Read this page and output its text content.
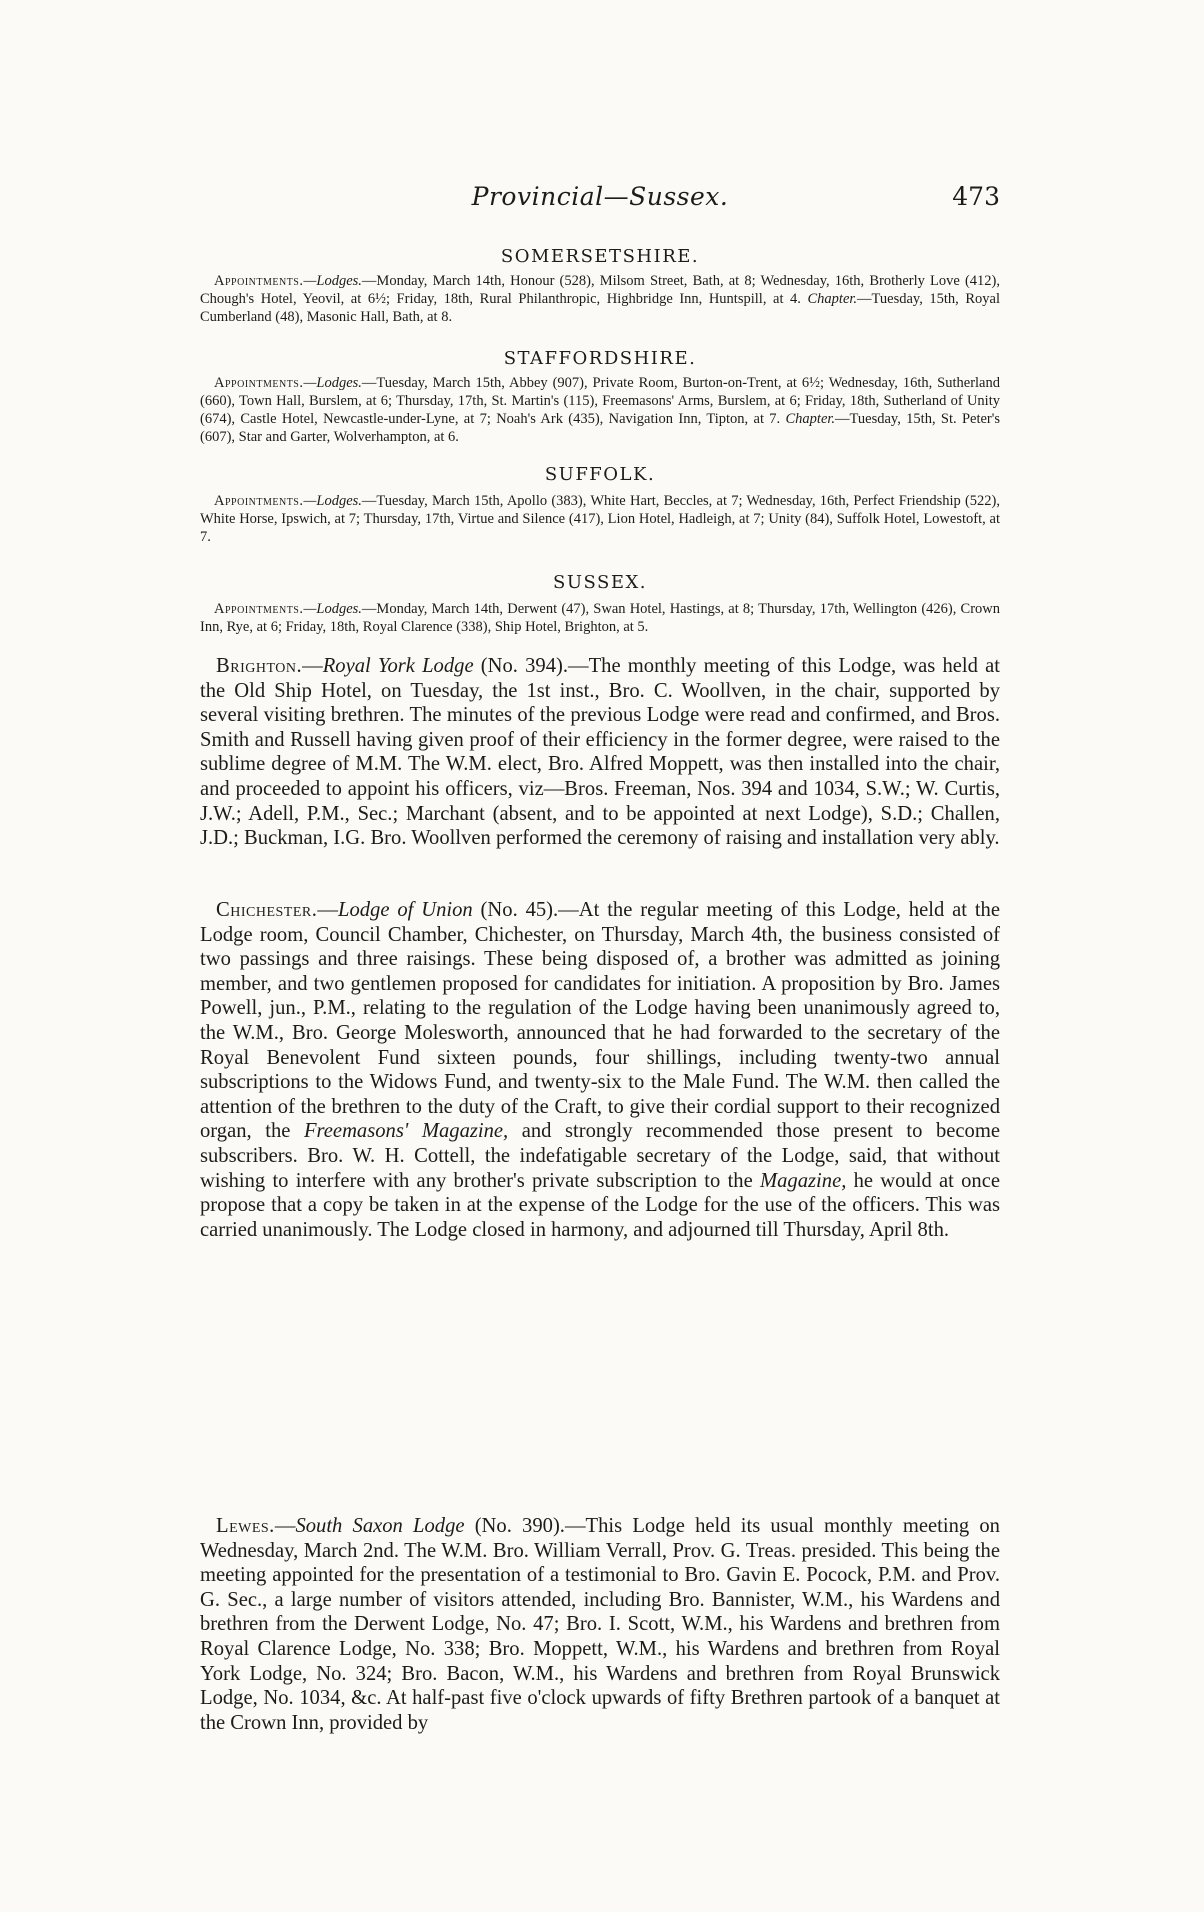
Provincial—Sussex.	473
SOMERSETSHIRE.
Appointments.—Lodges.—Monday, March 14th, Honour (528), Milsom Street, Bath, at 8; Wednesday, 16th, Brotherly Love (412), Chough's Hotel, Yeovil, at 6½; Friday, 18th, Rural Philanthropic, Highbridge Inn, Huntspill, at 4. Chapter.—Tuesday, 15th, Royal Cumberland (48), Masonic Hall, Bath, at 8.
STAFFORDSHIRE.
Appointments.—Lodges.—Tuesday, March 15th, Abbey (907), Private Room, Burton-on-Trent, at 6½; Wednesday, 16th, Sutherland (660), Town Hall, Burslem, at 6; Thursday, 17th, St. Martin's (115), Freemasons' Arms, Burslem, at 6; Friday, 18th, Sutherland of Unity (674), Castle Hotel, Newcastle-under-Lyne, at 7; Noah's Ark (435), Navigation Inn, Tipton, at 7. Chapter.—Tuesday, 15th, St. Peter's (607), Star and Garter, Wolverhampton, at 6.
SUFFOLK.
Appointments.—Lodges.—Tuesday, March 15th, Apollo (383), White Hart, Beccles, at 7; Wednesday, 16th, Perfect Friendship (522), White Horse, Ipswich, at 7; Thursday, 17th, Virtue and Silence (417), Lion Hotel, Hadleigh, at 7; Unity (84), Suffolk Hotel, Lowestoft, at 7.
SUSSEX.
Appointments.—Lodges.—Monday, March 14th, Derwent (47), Swan Hotel, Hastings, at 8; Thursday, 17th, Wellington (426), Crown Inn, Rye, at 6; Friday, 18th, Royal Clarence (338), Ship Hotel, Brighton, at 5.
Brighton.—Royal York Lodge (No. 394).—The monthly meeting of this Lodge, was held at the Old Ship Hotel, on Tuesday, the 1st inst., Bro. C. Woollven, in the chair, supported by several visiting brethren. The minutes of the previous Lodge were read and confirmed, and Bros. Smith and Russell having given proof of their efficiency in the former degree, were raised to the sublime degree of M.M. The W.M. elect, Bro. Alfred Moppett, was then installed into the chair, and proceeded to appoint his officers, viz—Bros. Freeman, Nos. 394 and 1034, S.W.; W. Curtis, J.W.; Adell, P.M., Sec.; Marchant (absent, and to be appointed at next Lodge), S.D.; Challen, J.D.; Buckman, I.G. Bro. Woollven performed the ceremony of raising and installation very ably.
Chichester.—Lodge of Union (No. 45).—At the regular meeting of this Lodge, held at the Lodge room, Council Chamber, Chichester, on Thursday, March 4th, the business consisted of two passings and three raisings. These being disposed of, a brother was admitted as joining member, and two gentlemen proposed for candidates for initiation. A proposition by Bro. James Powell, jun., P.M., relating to the regulation of the Lodge having been unanimously agreed to, the W.M., Bro. George Molesworth, announced that he had forwarded to the secretary of the Royal Benevolent Fund sixteen pounds, four shillings, including twenty-two annual subscriptions to the Widows Fund, and twenty-six to the Male Fund. The W.M. then called the attention of the brethren to the duty of the Craft, to give their cordial support to their recognized organ, the Freemasons' Magazine, and strongly recommended those present to become subscribers. Bro. W. H. Cottell, the indefatigable secretary of the Lodge, said, that without wishing to interfere with any brother's private subscription to the Magazine, he would at once propose that a copy be taken in at the expense of the Lodge for the use of the officers. This was carried unanimously. The Lodge closed in harmony, and adjourned till Thursday, April 8th.
Lewes.—South Saxon Lodge (No. 390).—This Lodge held its usual monthly meeting on Wednesday, March 2nd. The W.M. Bro. William Verrall, Prov. G. Treas. presided. This being the meeting appointed for the presentation of a testimonial to Bro. Gavin E. Pocock, P.M. and Prov. G. Sec., a large number of visitors attended, including Bro. Bannister, W.M., his Wardens and brethren from the Derwent Lodge, No. 47; Bro. I. Scott, W.M., his Wardens and brethren from Royal Clarence Lodge, No. 338; Bro. Moppett, W.M., his Wardens and brethren from Royal York Lodge, No. 324; Bro. Bacon, W.M., his Wardens and brethren from Royal Brunswick Lodge, No. 1034, &c. At half-past five o'clock upwards of fifty Brethren partook of a banquet at the Crown Inn, provided by
